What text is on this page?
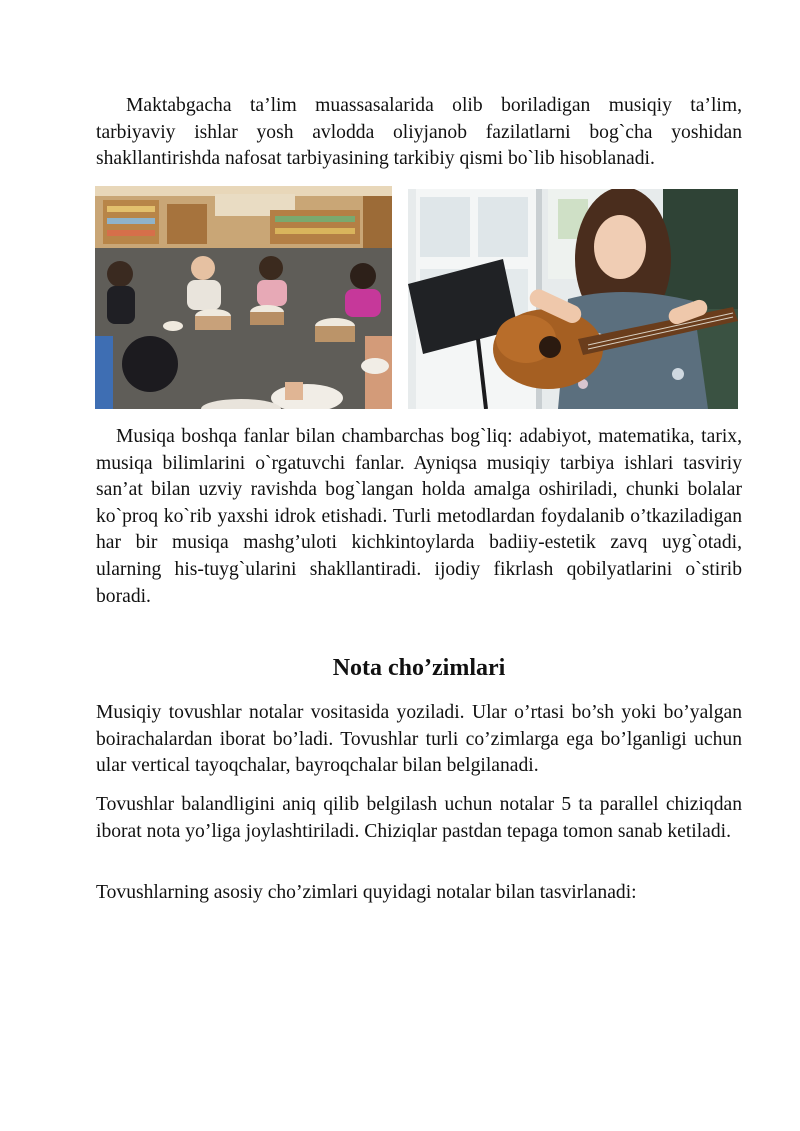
Maktabgacha ta’lim muassasalarida olib boriladigan musiqiy ta’lim, tarbiyaviy ishlar yosh avlodda oliyjanob fazilatlarni bog`cha yoshidan shakllantirishda nafosat tarbiyasining tarkibiy qismi bo`lib hisoblanadi.

Musiqa boshqa fanlar bilan chambarchas bog`liq: adabiyot, matematika, tarix, musiqa bilimlarini o`rgatuvchi fanlar. Ayniqsa musiqiy tarbiya ishlari tasviriy san’at bilan uzviy ravishda bog`langan holda amalga oshiriladi, chunki bolalar ko`proq ko`rib yaxshi idrok etishadi. Turli metodlardan foydalanib o’tkaziladigan har bir musiqa mashg’uloti kichkintoylarda badiiy-estetik zavq uyg`otadi, ularning his-tuyg`ularini shakllantiradi. ijodiy fikrlash qobilyatlarini o`stirib boradi.

Nota cho’zimlari

Musiqiy tovushlar notalar vositasida yoziladi. Ular o’rtasi bo’sh yoki bo’yalgan boirachalardan iborat bo’ladi. Tovushlar turli co’zimlarga ega bo’lganligi uchun ular vertical tayoqchalar, bayroqchalar bilan belgilanadi.

Tovushlar balandligini aniq qilib belgilash uchun notalar 5 ta parallel chiziqdan iborat nota yo’liga joylashtiriladi. Chiziqlar pastdan tepaga tomon sanab ketiladi.

Tovushlarning asosiy cho’zimlari quyidagi notalar bilan tasvirlanadi:
